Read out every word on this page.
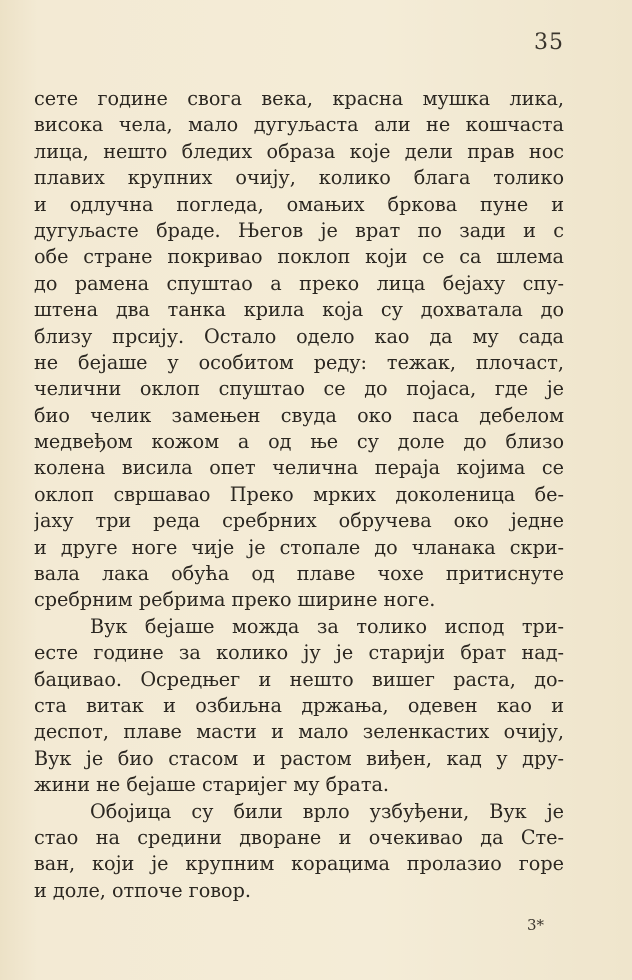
35
сете године свога века, красна мушка лика,
висока чела, мало дугуљаста али не кошчаста
лица, нешто бледих образа које дели прав нос
плавих крупних очију, колико блага толико
и одлучна погледа, омањих бркова пуне и
дугуљасте браде. Његов је врат по зади и с
обе стране покривао поклоп који се са шлема
до рамена спуштао а преко лица бејаху спу-
штена два танка крила која су дохватала до
близу прсију. Остало одело као да му сада
не бејаше у особитом реду: тежак, плочаст,
челични оклоп спуштао се до појаса, где је
био челик замењен свуда око паса дебелом
медвеђом кожом а од ње су доле до близо
колена висила опет челична пераја којима се
оклоп свршавао Преко мрких доколеница бе-
јаху три реда сребрних обручева око једне
и друге ноге чије је стопале до чланака скри-
вала лака обућа од плаве чохе притиснуте
сребрним ребрима преко ширине ноге.
Вук бејаше можда за толико испод три-
есте године за колико ју је старији брат над-
бацивао. Осредњег и нешто вишег раста, до-
ста витак и озбиљна држања, одевен као и
деспот, плаве масти и мало зеленкастих очију,
Вук је био стасом и растом виђен, кад у дру-
жини не бејаше старијег му брата.
Обојица су били врло узбуђени, Вук је
стао на средини дворане и очекивао да Сте-
ван, који је крупним корацима пролазио горе
и доле, отпоче говор.
3*
